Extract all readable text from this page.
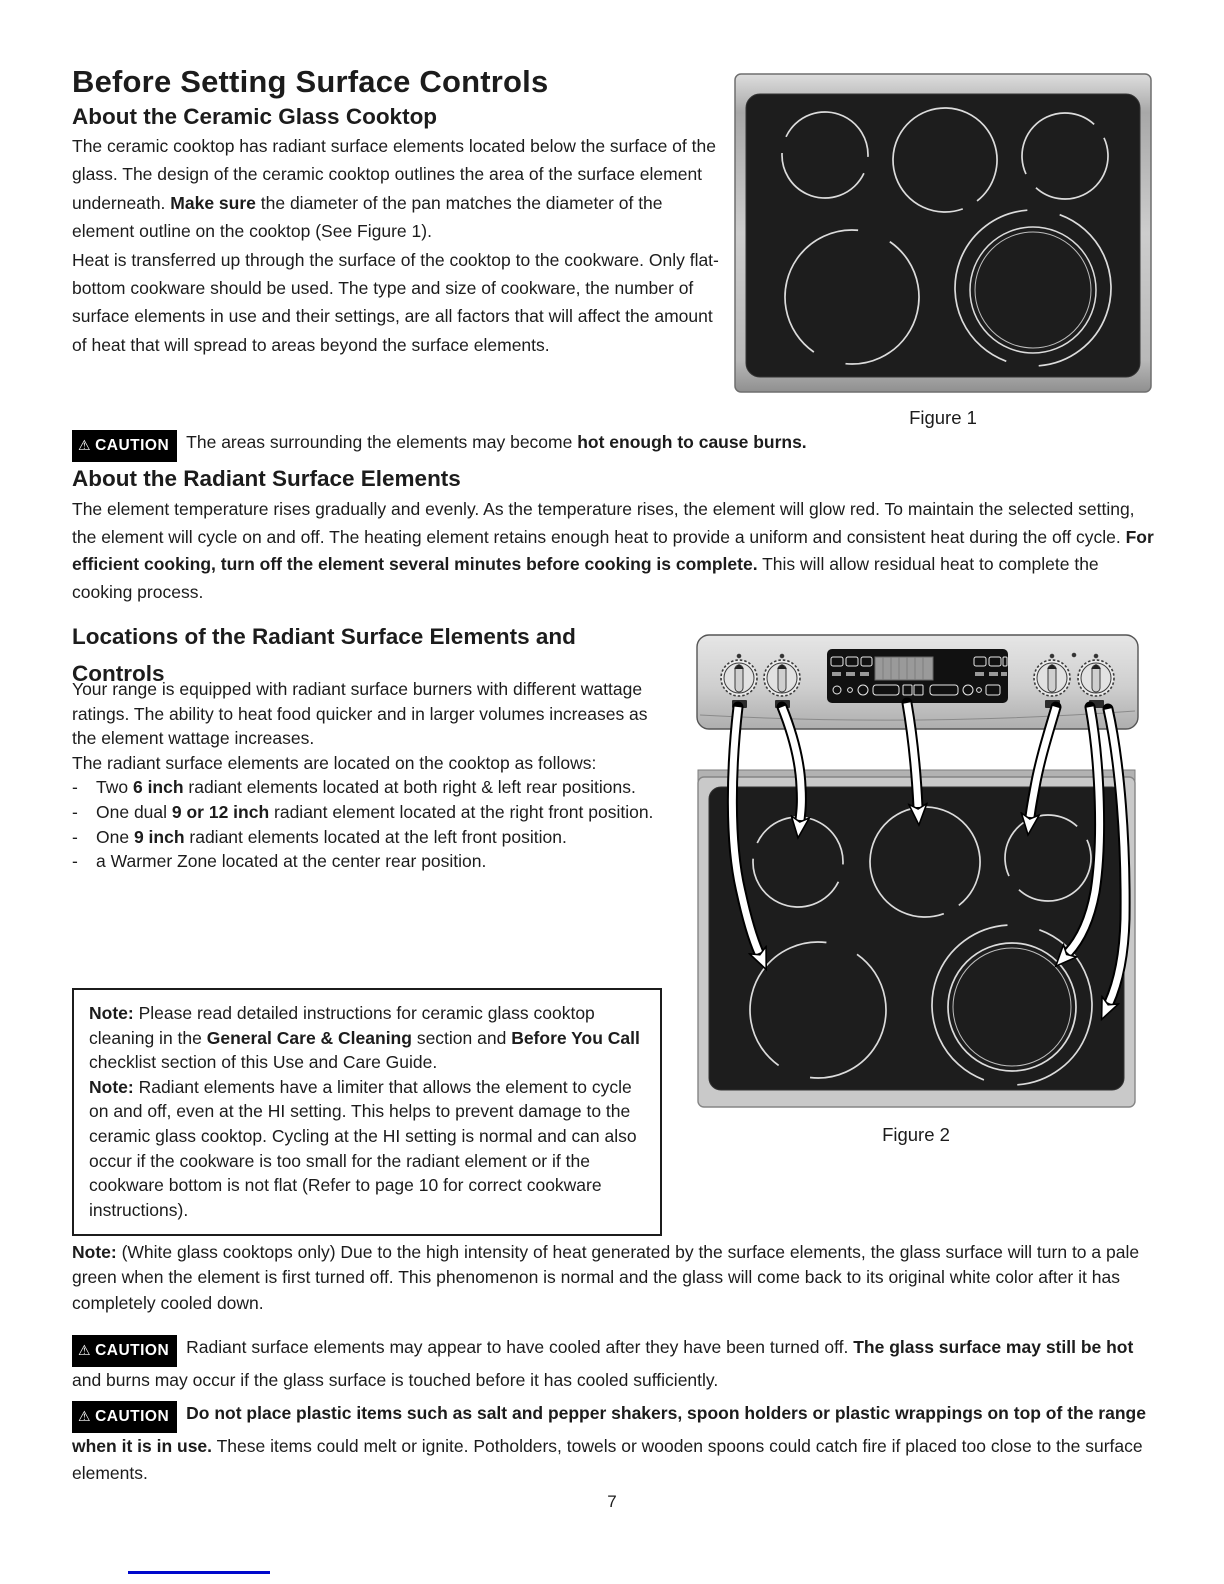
Before Setting Surface Controls
About the Ceramic Glass Cooktop

The ceramic cooktop has radiant surface elements located below the surface of the glass. The design of the ceramic cooktop outlines the area of the surface element underneath. Make sure the diameter of the pan matches the diameter of the element outline on the cooktop (See Figure 1).

Heat is transferred up through the surface of the cooktop to the cookware. Only flat-bottom cookware should be used. The type and size of cookware, the number of surface elements in use and their settings, are all factors that will affect the amount of heat that will spread to areas beyond the surface elements.

Figure 1
⚠ CAUTION The areas surrounding the elements may become hot enough to cause burns.
About the Radiant Surface Elements

The element temperature rises gradually and evenly. As the temperature rises, the element will glow red. To maintain the selected setting, the element will cycle on and off. The heating element retains enough heat to provide a uniform and consistent heat during the off cycle. For efficient cooking, turn off the element several minutes before cooking is complete. This will allow residual heat to complete the cooking process.

Locations of the Radiant Surface Elements and Controls

Your range is equipped with radiant surface burners with different wattage ratings. The ability to heat food quicker and in larger volumes increases as the element wattage increases.

The radiant surface elements are located on the cooktop as follows:

-	Two 6 inch radiant elements located at both right & left rear positions.
-	One dual 9 or 12 inch radiant element located at the right front position.
-	One 9 inch radiant elements located at the left front position.
-	a Warmer Zone located at the center rear position.
Figure 2
Note: Please read detailed instructions for ceramic glass cooktop cleaning in the General Care & Cleaning section and Before You Call checklist section of this Use and Care Guide.
Note: Radiant elements have a limiter that allows the element to cycle on and off, even at the HI setting. This helps to prevent damage to the ceramic glass cooktop. Cycling at the HI setting is normal and can also occur if the cookware is too small for the radiant element or if the cookware bottom is not flat (Refer to page 10 for correct cookware instructions).
Note: (White glass cooktops only) Due to the high intensity of heat generated by the surface elements, the glass surface will turn to a pale green when the element is first turned off. This phenomenon is normal and the glass will come back to its original white color after it has completely cooled down.
⚠ CAUTION Radiant surface elements may appear to have cooled after they have been turned off. The glass surface may still be hot and burns may occur if the glass surface is touched before it has cooled sufficiently.
⚠ CAUTION Do not place plastic items such as salt and pepper shakers, spoon holders or plastic wrappings on top of the range when it is in use. These items could melt or ignite. Potholders, towels or wooden spoons could catch fire if placed too close to the surface elements.
7
